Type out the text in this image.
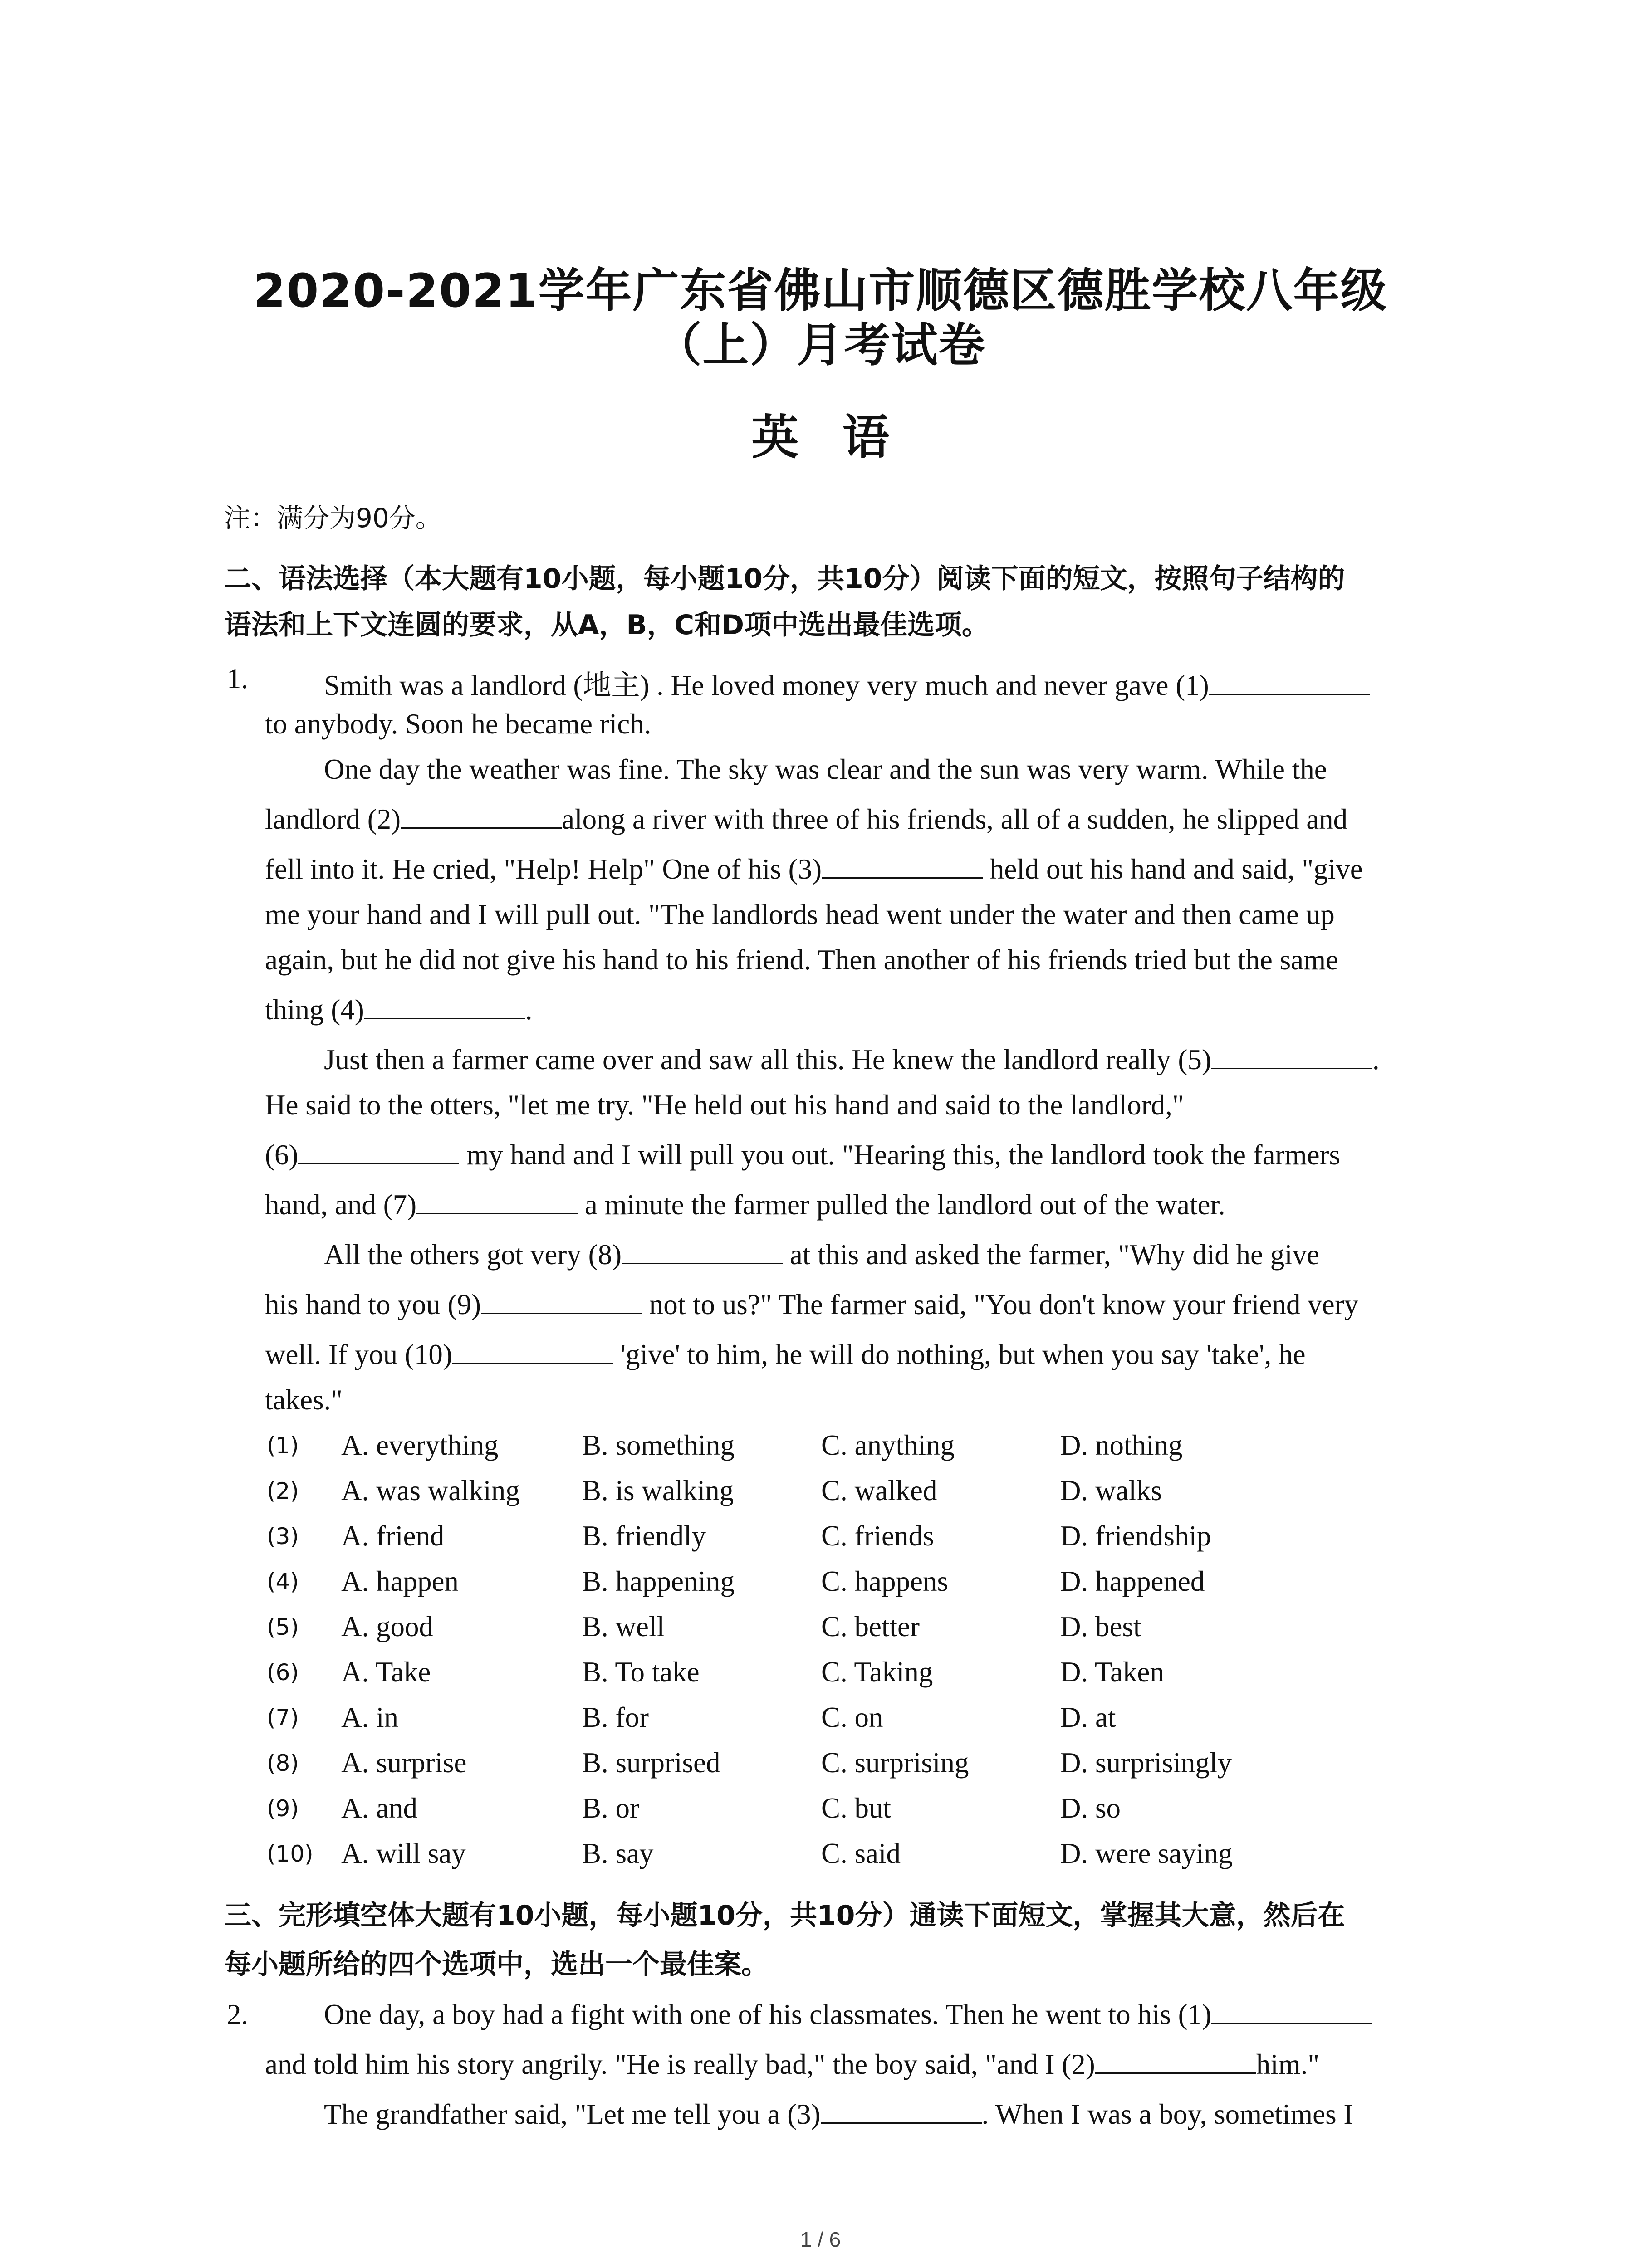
2020-2021学年广东省佛山市顺德区德胜学校八年级
（上）月考试卷
英 语
注：满分为90分。
二、语法选择（本大题有10小题，每小题10分，共10分）阅读下面的短文，按照句子结构的
语法和上下文连圆的要求，从A，B，C和D项中选出最佳选项。
1.	Smith was a landlord (地主) . He loved money very much and never gave (1)
to anybody. Soon he became rich.
One day the weather was fine. The sky was clear and the sun was very warm. While the
landlord (2)	along a river with three of his friends, all of a sudden, he slipped and
fell into it. He cried, "Help! Help" One of his (3)	held out his hand and said, "give
me your hand and I will pull out. "The landlords head went under the water and then came up
again, but he did not give his hand to his friend. Then another of his friends tried but the same
thing (4)	.
Just then a farmer came over and saw all this. He knew the landlord really (5)	.
He said to the otters, "let me try. "He held out his hand and said to the landlord,"
(6)	my hand and I will pull you out. "Hearing this, the landlord took the farmers
hand, and (7)	a minute the farmer pulled the landlord out of the water.
All the others got very (8)	at this and asked the farmer, "Why did he give
his hand to you (9)	not to us?" The farmer said, "You don't know your friend very
well. If you (10)	'give' to him, he will do nothing, but when you say 'take', he
takes."
(1) A. everything	B. something	C. anything	D. nothing
(2) A. was walking B. is walking	C. walked	D. walks
(3) A. friend	B. friendly	C. friends	D. friendship
(4) A. happen	B. happening	C. happens	D. happened
(5) A. good	B. well	C. better	D. best
(6) A. Take	B. To take	C. Taking	D. Taken
(7) A. in	B. for	C. on	D. at
(8) A. surprise	B. surprised	C. surprising	D. surprisingly
(9) A. and	B. or	C. but	D. so
(10) A. will say	B. say	C. said	D. were saying
三、完形填空体大题有10小题，每小题10分，共10分）通读下面短文，掌握其大意，然后在
每小题所给的四个选项中，选出一个最佳案。
2.	One day, a boy had a fight with one of his classmates. Then he went to his (1)
and told him his story angrily. "He is really bad," the boy said, "and I (2)	him."
The grandfather said, "Let me tell you a (3)	. When I was a boy, sometimes I
1 / 6
